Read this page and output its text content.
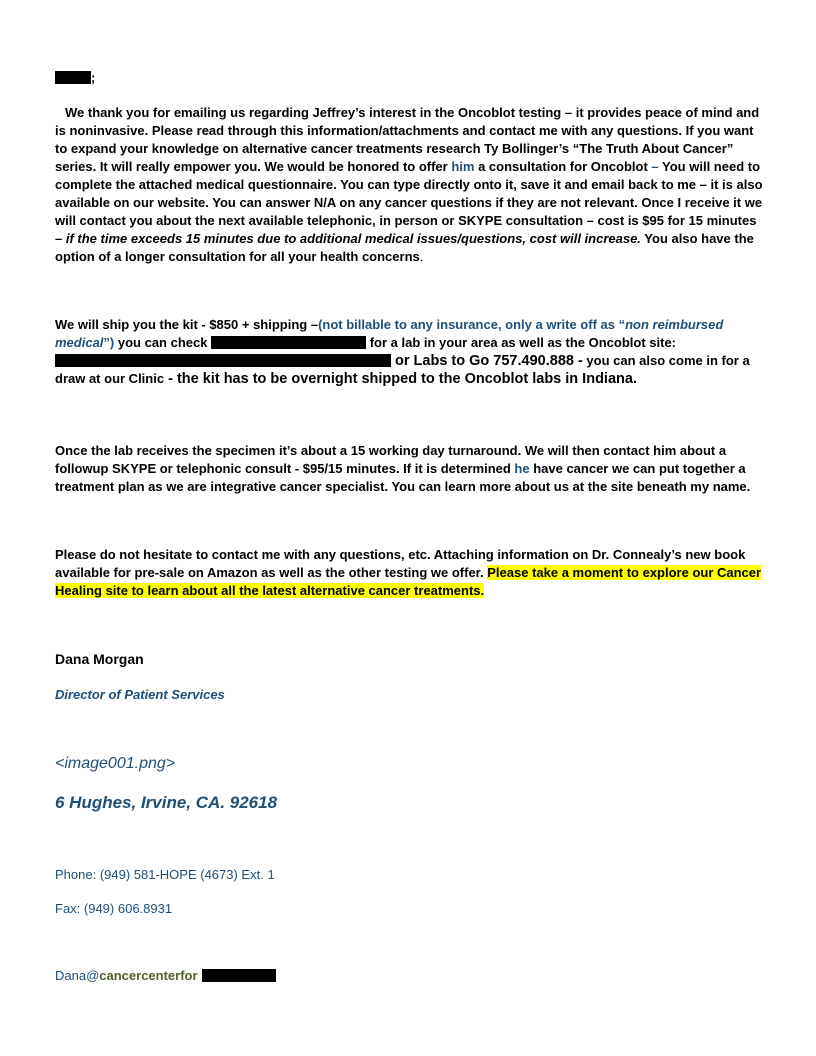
;
We thank you for emailing us regarding Jeffrey’s interest in the Oncoblot testing – it provides peace of mind and is noninvasive. Please read through this information/attachments and contact me with any questions. If you want to expand your knowledge on alternative cancer treatments research Ty Bollinger’s “The Truth About Cancer” series. It will really empower you. We would be honored to offer him a consultation for Oncoblot – You will need to complete the attached medical questionnaire. You can type directly onto it, save it and email back to me – it is also available on our website. You can answer N/A on any cancer questions if they are not relevant. Once I receive it we will contact you about the next available telephonic, in person or SKYPE consultation – cost is $95 for 15 minutes – if the time exceeds 15 minutes due to additional medical issues/questions, cost will increase. You also have the option of a longer consultation for all your health concerns.
We will ship you the kit - $850 + shipping –(not billable to any insurance, only a write off as “non reimbursed medical”) you can check	for a lab in your area as well as the Oncoblot site:  or Labs to Go 757.490.888 - you can also come in for a draw at our Clinic - the kit has to be overnight shipped to the Oncoblot labs in Indiana.
Once the lab receives the specimen it’s about a 15 working day turnaround. We will then contact him about a followup SKYPE or telephonic consult - $95/15 minutes. If it is determined he have cancer we can put together a treatment plan as we are integrative cancer specialist. You can learn more about us at the site beneath my name.
Please do not hesitate to contact me with any questions, etc. Attaching information on Dr. Connealy’s new book available for pre-sale on Amazon as well as the other testing we offer. Please take a moment to explore our Cancer Healing site to learn about all the latest alternative cancer treatments.
Dana Morgan
Director of Patient Services
<image001.png>
6 Hughes, Irvine, CA. 92618
Phone: (949) 581-HOPE (4673) Ext. 1
Fax: (949) 606.8931
Dana@cancercenterfor
